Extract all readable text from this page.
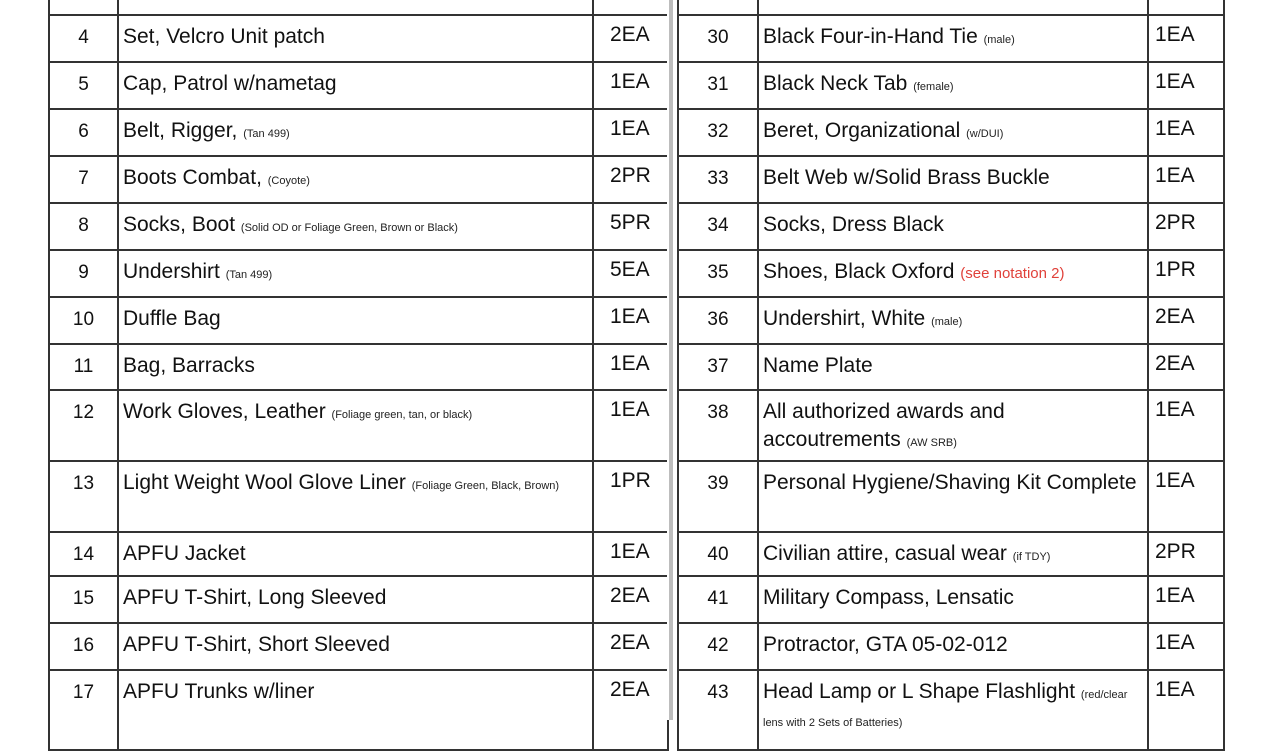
4	Set, Velcro Unit patch	2EA
5	Cap, Patrol w/nametag	1EA
6	Belt, Rigger, (Tan 499)	1EA
7	Boots Combat, (Coyote)	2PR
8	Socks, Boot (Solid OD or Foliage Green, Brown or Black)	5PR
9	Undershirt (Tan 499)	5EA
10	Duffle Bag	1EA
11	Bag, Barracks	1EA
12	Work Gloves, Leather (Foliage green, tan, or black)	1EA
13	Light Weight Wool Glove Liner (Foliage Green, Black, Brown)	1PR
14	APFU Jacket	1EA
15	APFU T-Shirt, Long Sleeved	2EA
16	APFU T-Shirt, Short Sleeved	2EA
17	APFU Trunks w/liner	2EA

30	Black Four-in-Hand Tie (male)	1EA
31	Black Neck Tab (female)	1EA
32	Beret, Organizational (w/DUI)	1EA
33	Belt Web w/Solid Brass Buckle	1EA
34	Socks, Dress Black	2PR
35	Shoes, Black Oxford (see notation 2)	1PR
36	Undershirt, White (male)	2EA
37	Name Plate	2EA
38	All authorized awards and accoutrements (AW SRB)	1EA
39	Personal Hygiene/Shaving Kit Complete	1EA
40	Civilian attire, casual wear (if TDY)	2PR
41	Military Compass, Lensatic	1EA
42	Protractor, GTA 05-02-012	1EA
43	Head Lamp or L Shape Flashlight (red/clear lens with 2 Sets of Batteries)	1EA
